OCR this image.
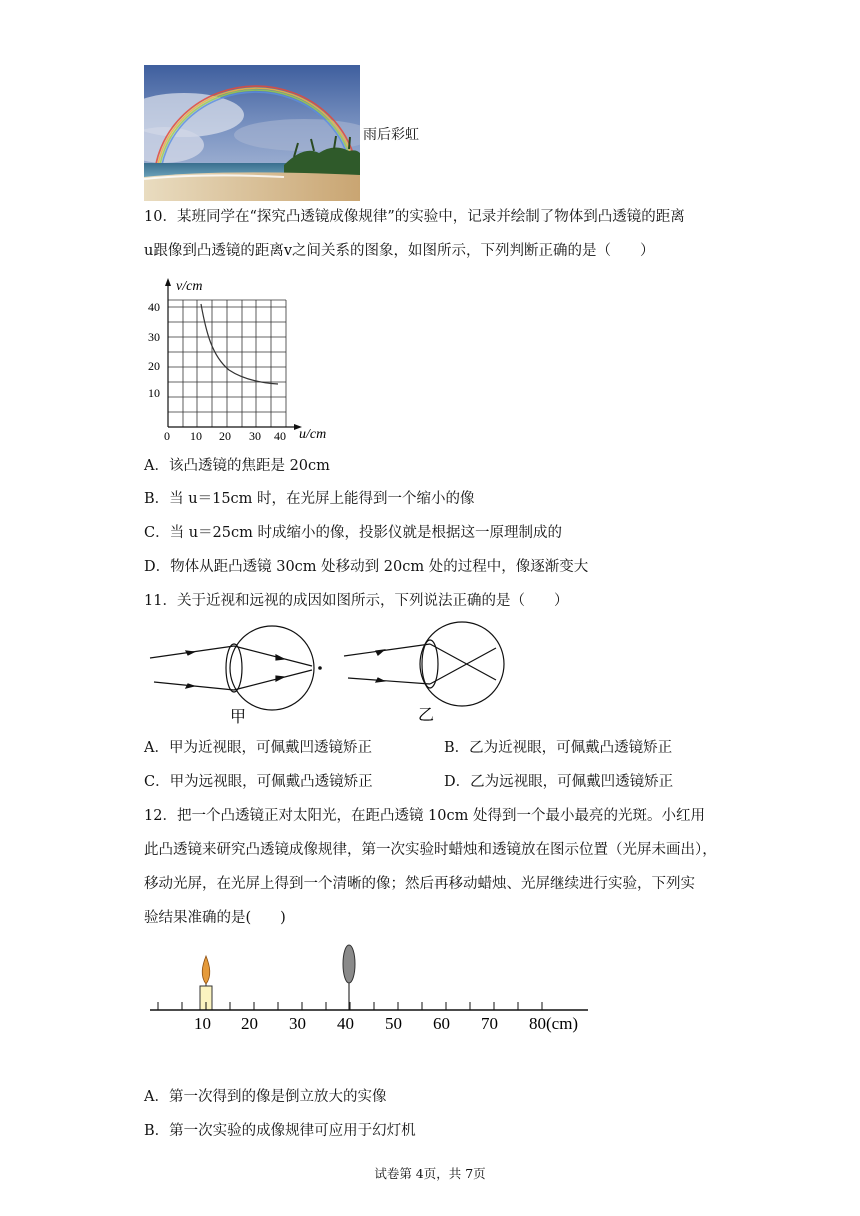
雨后彩虹
10．某班同学在“探究凸透镜成像规律”的实验中，记录并绘制了物体到凸透镜的距离
u跟像到凸透镜的距离v之间关系的图象，如图所示，下列判断正确的是（　　）
v/cm
40
30
20
10
0 10 20 30 40 u/cm
A．该凸透镜的焦距是 20cm
B．当 u＝15cm 时，在光屏上能得到一个缩小的像
C．当 u＝25cm 时成缩小的像，投影仪就是根据这一原理制成的
D．物体从距凸透镜 30cm 处移动到 20cm 处的过程中，像逐渐变大
11．关于近视和远视的成因如图所示，下列说法正确的是（　　）
甲	乙
A．甲为近视眼，可佩戴凹透镜矫正	B．乙为近视眼，可佩戴凸透镜矫正
C．甲为远视眼，可佩戴凸透镜矫正	D．乙为远视眼，可佩戴凹透镜矫正
12．把一个凸透镜正对太阳光，在距凸透镜 10cm 处得到一个最小最亮的光斑。小红用
此凸透镜来研究凸透镜成像规律，第一次实验时蜡烛和透镜放在图示位置（光屏未画出），
移动光屏，在光屏上得到一个清晰的像；然后再移动蜡烛、光屏继续进行实验，下列实
验结果准确的是(　　)
10 20 30 40 50 60 70 80(cm)
A．第一次得到的像是倒立放大的实像
B．第一次实验的成像规律可应用于幻灯机
试卷第 4页，共 7页
